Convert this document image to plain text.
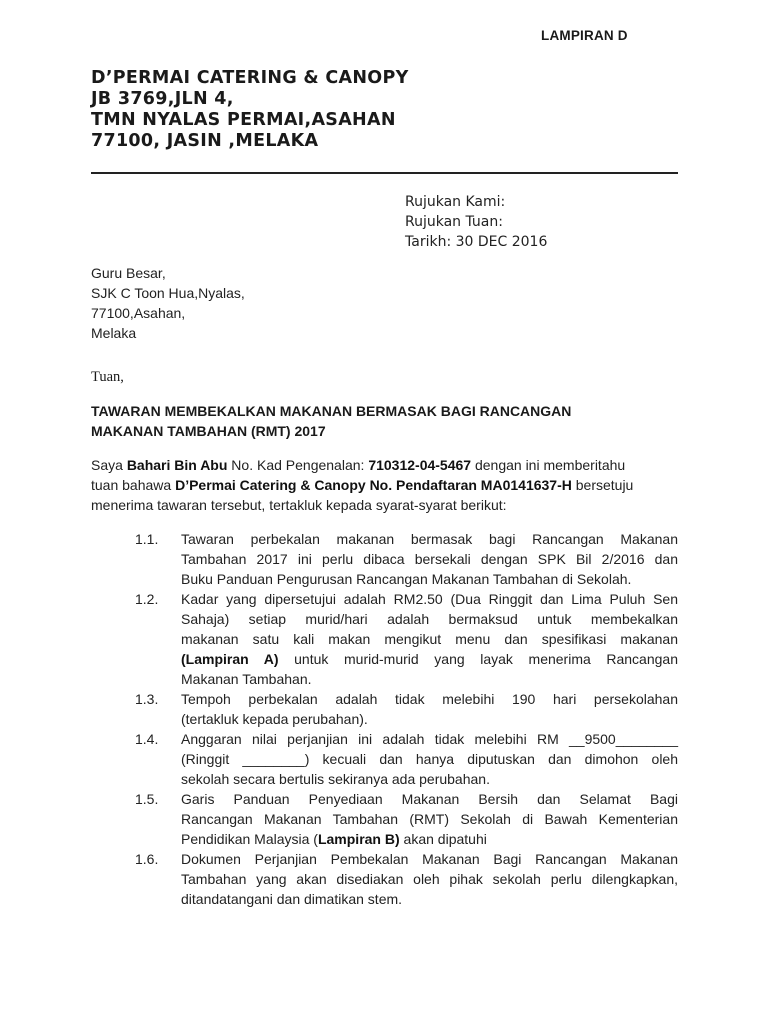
LAMPIRAN D
D’PERMAI CATERING & CANOPY
JB 3769,JLN 4,
TMN NYALAS PERMAI,ASAHAN
77100, JASIN ,MELAKA
Rujukan Kami:
Rujukan Tuan:
Tarikh: 30 DEC 2016
Guru Besar,
SJK C Toon Hua,Nyalas,
77100,Asahan,
Melaka
Tuan,
TAWARAN MEMBEKALKAN MAKANAN BERMASAK BAGI RANCANGAN
MAKANAN TAMBAHAN (RMT) 2017
Saya Bahari Bin Abu No. Kad Pengenalan: 710312-04-5467 dengan ini memberitahu
tuan bahawa D’Permai Catering & Canopy No. Pendaftaran MA0141637-H bersetuju
menerima tawaran tersebut, tertakluk kepada syarat-syarat berikut:
1.1. Tawaran perbekalan makanan bermasak bagi Rancangan Makanan
Tambahan 2017 ini perlu dibaca bersekali dengan SPK Bil 2/2016 dan
Buku Panduan Pengurusan Rancangan Makanan Tambahan di Sekolah.
1.2. Kadar yang dipersetujui adalah RM2.50 (Dua Ringgit dan Lima Puluh Sen
Sahaja) setiap murid/hari adalah bermaksud untuk membekalkan
makanan satu kali makan mengikut menu dan spesifikasi makanan
(Lampiran A) untuk murid-murid yang layak menerima Rancangan
Makanan Tambahan.
1.3. Tempoh perbekalan adalah tidak melebihi 190 hari persekolahan
(tertakluk kepada perubahan).
1.4. Anggaran nilai perjanjian ini adalah tidak melebihi RM __9500________
(Ringgit ________) kecuali dan hanya diputuskan dan dimohon oleh
sekolah secara bertulis sekiranya ada perubahan.
1.5. Garis Panduan Penyediaan Makanan Bersih dan Selamat Bagi
Rancangan Makanan Tambahan (RMT) Sekolah di Bawah Kementerian
Pendidikan Malaysia (Lampiran B) akan dipatuhi
1.6. Dokumen Perjanjian Pembekalan Makanan Bagi Rancangan Makanan
Tambahan yang akan disediakan oleh pihak sekolah perlu dilengkapkan,
ditandatangani dan dimatikan stem.
